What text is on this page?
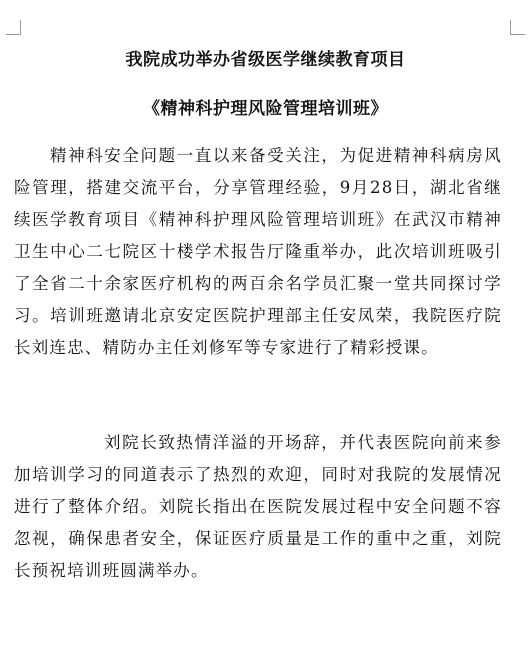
我院成功举办省级医学继续教育项目
《精神科护理风险管理培训班》

精神科安全问题一直以来备受关注，为促进精神科病房风险管理，搭建交流平台，分享管理经验，9月28日，湖北省继续医学教育项目《精神科护理风险管理培训班》在武汉市精神卫生中心二七院区十楼学术报告厅隆重举办，此次培训班吸引了全省二十余家医疗机构的两百余名学员汇聚一堂共同探讨学习。培训班邀请北京安定医院护理部主任安凤荣，我院医疗院长刘连忠、精防办主任刘修军等专家进行了精彩授课。

刘院长致热情洋溢的开场辞，并代表医院向前来参加培训学习的同道表示了热烈的欢迎，同时对我院的发展情况进行了整体介绍。刘院长指出在医院发展过程中安全问题不容忽视，确保患者安全，保证医疗质量是工作的重中之重，刘院长预祝培训班圆满举办。
